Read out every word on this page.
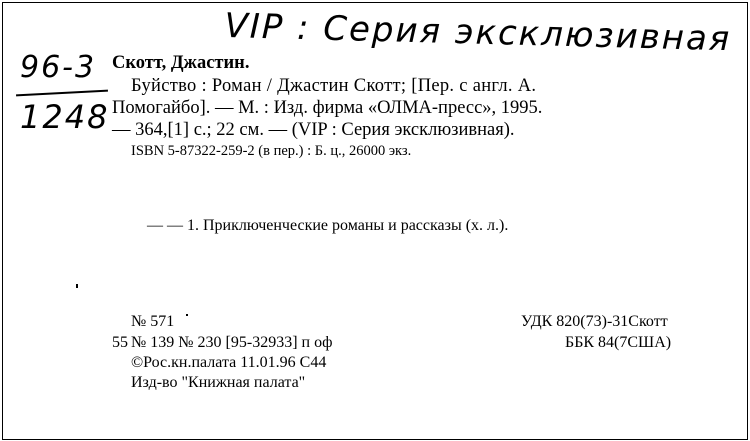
VIP : Серия эксклюзивная
96-3
1248
Скотт, Джастин.
Буйство : Роман / Джастин Скотт; [Пер. с англ. А.
Помогайбо]. — М. : Изд. фирма «ОЛМА-пресс», 1995.
— 364,[1] с.; 22 см. — (VIP : Серия эксклюзивная).
ISBN 5-87322-259-2 (в пер.) : Б. ц., 26000 экз.
— — 1. Приключенческие романы и рассказы (х. л.).
№ 571
55 № 139 № 230 [95-32933] п оф
©Рос.кн.палата 11.01.96 С44
Изд-во "Книжная палата"
УДК 820(73)-31Скотт
ББК 84(7США)
